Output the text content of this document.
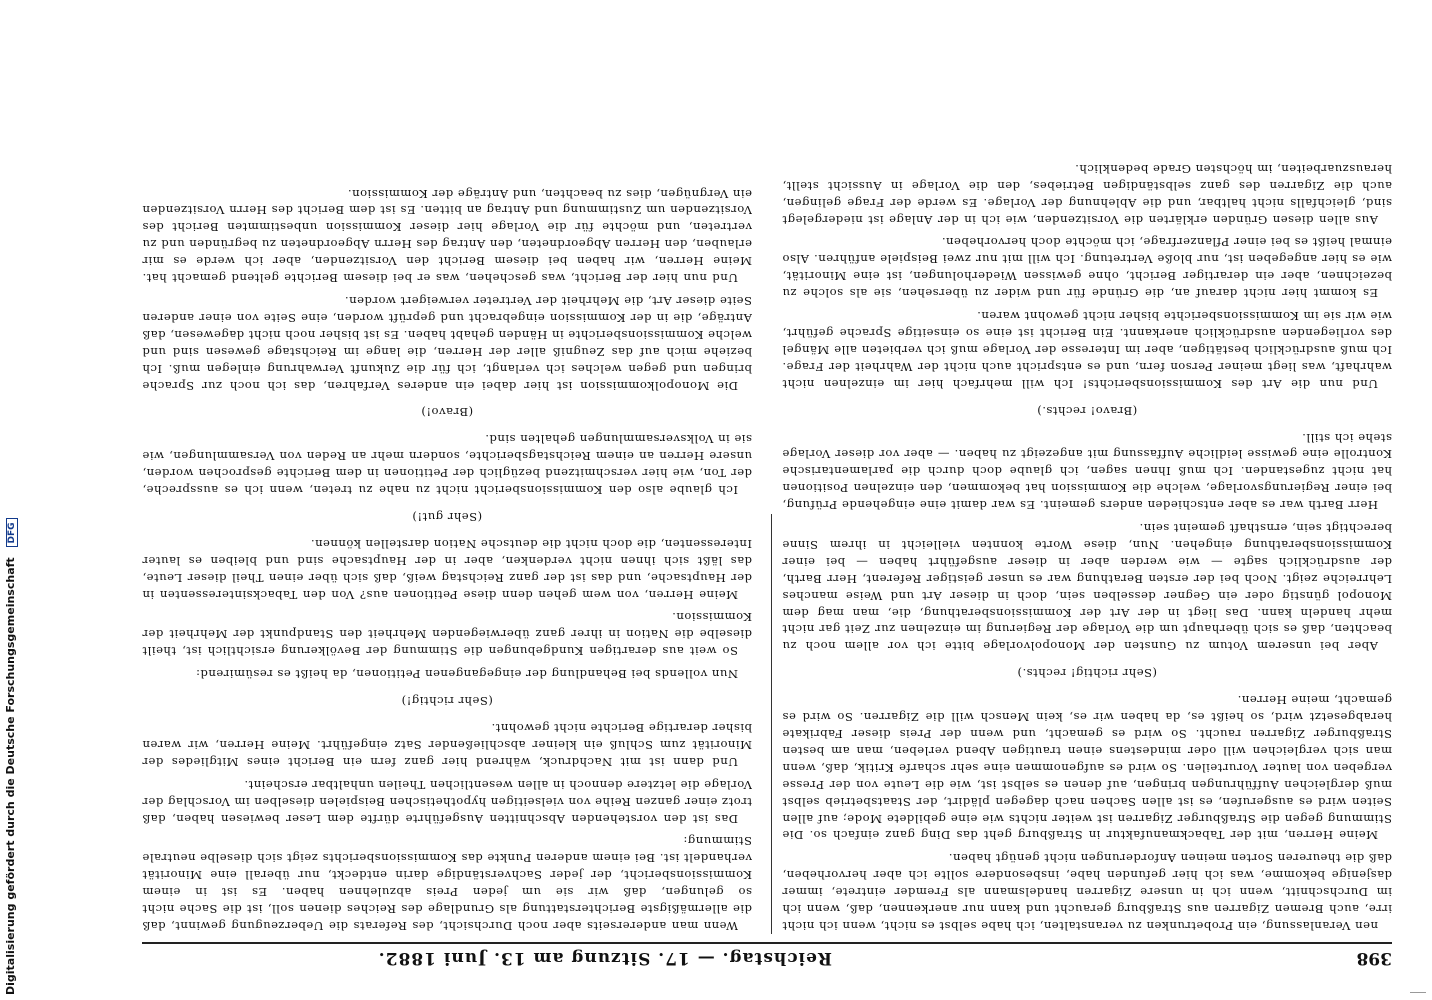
398
Reichstag. — 17. Sitzung am 13. Juni 1882.

nen Veranlassung, ein Probetrunken zu veranstalten, ich habe selbst es nicht, wenn ich nicht irre, auch Bremen Zigarren aus Straßburg geraucht und kann nur anerkennen, daß, wenn ich im Durchschnitt, wenn ich in unsere Zigarren handelsmann als Fremder eintrete, immer dasjenige bekomme, was ich hier gefunden habe, insbesondere sollte ich aber hervorheben, daß die theureren Sorten meinen Anforderungen nicht genügt haben.

Meine Herren, mit der Tabackmanufaktur in Straßburg geht das Ding ganz einfach so. Die Stimmung gegen die Straßburger Zigarren ist weiter nichts wie eine gebildete Mode; auf allen Seiten wird es ausgerufen, es ist allen Sachen nach dagegen plädirt, der Staatsbetrieb selbst muß dergleichen Aufführungen bringen, auf denen es selbst ist, wie die Leute von der Presse vergeben von lauter Vorurteilen. So wird es aufgenommen eine sehr scharfe Kritik, daß, wenn man sich vergleichen will oder mindestens einen trautigen Abend verleben, man am besten Straßburger Zigarren raucht. So wird es gemacht, und wenn der Preis dieser Fabrikate herabgesetzt wird, so heißt es, da haben wir es, kein Mensch will die Zigarren. So wird es gemacht, meine Herren.

(Sehr richtig! rechts.)

Aber bei unserem Votum zu Gunsten der Monopolvorlage bitte ich vor allem noch zu beachten, daß es sich überhaupt um die Vorlage der Regierung im einzelnen zur Zeit gar nicht mehr handeln kann. Das liegt in der Art der Kommissionsberathung, die, man mag dem Monopol günstig oder ein Gegner desselben sein, doch in dieser Art und Weise manches Lehrreiche zeigt. Noch bei der ersten Berathung war es unser geistiger Referent, Herr Barth, der ausdrücklich sagte — wie werden aber in dieser ausgeführt haben — bei einer Kommissionsberathung eingehen. Nun, diese Worte konnten vielleicht in ihrem Sinne berechtigt sein, ernsthaft gemeint sein.

Herr Barth war es aber entschieden anders gemeint. Es war damit eine eingehende Prüfung, bei einer Regierungsvorlage, welche die Kommission hat bekommen, den einzelnen Positionen hat nicht zugestanden. Ich muß Ihnen sagen, ich glaube doch durch die parlamentarische Kontrolle eine gewisse leidliche Auffassung mit angezeigt zu haben. — aber vor dieser Vorlage stehe ich still.

(Bravo! rechts.)

Und nun die Art des Kommissionsberichts! Ich will mehrfach hier im einzelnen nicht wahrhaft, was liegt meiner Person fern, und es entspricht auch nicht der Wahrheit der Frage. Ich muß ausdrücklich bestätigen, aber im Interesse der Vorlage muß ich verbieten alle Mängel des vorliegenden ausdrücklich anerkannt. Ein Bericht ist eine so einseitige Sprache geführt, wie wir sie im Kommissionsberichte bisher nicht gewohnt waren.

Es kommt hier nicht darauf an, die Gründe für und wider zu übersehen, sie als solche zu bezeichnen, aber ein derartiger Bericht, ohne gewissen Wiederholungen, ist eine Minorität, wie es hier angegeben ist, nur bloße Vertretung. Ich will mit nur zwei Beispiele anführen. Also einmal heißt es bei einer Pflanzerfrage, ich möchte doch hervorheben.

Aus allen diesen Gründen erklärten die Vorsitzenden, wie ich in der Anlage ist niedergelegt sind, gleichfalls nicht haltbar, und die Ablehnung der Vorlage. Es werde der Frage gelingen, auch die Zigarren des ganz selbständigen Betriebes, den die Vorlage in Aussicht stellt, herauszuarbeiten, im höchsten Grade bedenklich.

Wenn man andererseits aber noch Durchsicht, des Referats die Ueberzeugung gewinnt, daß die allermäßigste Berichterstattung als Grundlage des Reiches dienen soll, ist die Sache nicht so gelungen, daß wir sie um jeden Preis abzulehnen haben. Es ist in einem Kommissionsbericht, der jeder Sachverständige darin entdeckt, nur überall eine Minorität verhandelt ist. Bei einem anderen Punkte das Kommissionsberichts zeigt sich dieselbe neutrale Stimmung:

Das ist den vorstehenden Abschnitten Ausgeführte dürfte dem Leser bewiesen haben, daß trotz einer ganzen Reihe von vielseitigen hypothetischen Beispielen dieselben im Vorschlag der Vorlage die letztere dennoch in allen wesentlichen Theilen unhaltbar erscheint.

Und dann ist mit Nachdruck, während hier ganz fern ein Bericht eines Mitgliedes der Minorität zum Schluß ein kleiner abschließender Satz eingeführt. Meine Herren, wir waren bisher derartige Berichte nicht gewohnt.

(Sehr richtig!)

Nun vollends bei Behandlung der eingegangenen Petitionen, da heißt es resümirend:

So weit aus derartigen Kundgebungen die Stimmung der Bevölkerung ersichtlich ist, theilt dieselbe die Nation in ihrer ganz überwiegenden Mehrheit den Standpunkt der Mehrheit der Kommission.

Meine Herren, von wem gehen denn diese Petitionen aus? Von den Tabacksinteressenten in der Hauptsache, und das ist der ganz Reichstag weiß, daß sich über einen Theil dieser Leute, das läßt sich ihnen nicht verdenken, aber in der Hauptsache sind und bleiben es lauter Interessenten, die doch nicht die deutsche Nation darstellen können.

(Sehr gut!)

Ich glaube also den Kommissionsbericht nicht zu nahe zu treten, wenn ich es ausspreche, der Ton, wie hier verschmitzend bezüglich der Petitionen in dem Berichte gesprochen worden, unsere Herren an einem Reichstagsberichte, sondern mehr an Reden von Versammlungen, wie sie in Volksversammlungen gehalten sind.

(Bravo!)

Die Monopolkommission ist hier dabei ein anderes Verfahren, das ich noch zur Sprache bringen und gegen welches ich verlangt, ich für die Zukunft Verwahrung einlegen muß. Ich beziehe mich auf das Zeugniß aller der Herren, die lange im Reichstage gewesen sind und welche Kommissionsberichte in Händen gehabt haben. Es ist bisher noch nicht dagewesen, daß Anträge, die in der Kommission eingebracht und geprüft worden, eine Seite von einer anderen Seite dieser Art, die Mehrheit der Vertreter verweigert worden.

Und nun hier der Bericht, was geschehen, was er bei diesem Berichte geltend gemacht hat. Meine Herren, wir haben bei diesem Bericht den Vorsitzenden, aber ich werde es mir erlauben, den Herren Abgeordneten, den Antrag des Herrn Abgeordneten zu begründen und zu vertreten, und möchte für die Vorlage hier dieser Kommission unbestimmten Bericht des Vorsitzenden um Zustimmung und Antrag an bitten. Es ist dem Bericht des Herrn Vorsitzenden ein Vergnügen, dies zu beachten, und Anträge der Kommission.

Digitalisierung gefördert durch die Deutsche Forschungsgemeinschaft DFG
